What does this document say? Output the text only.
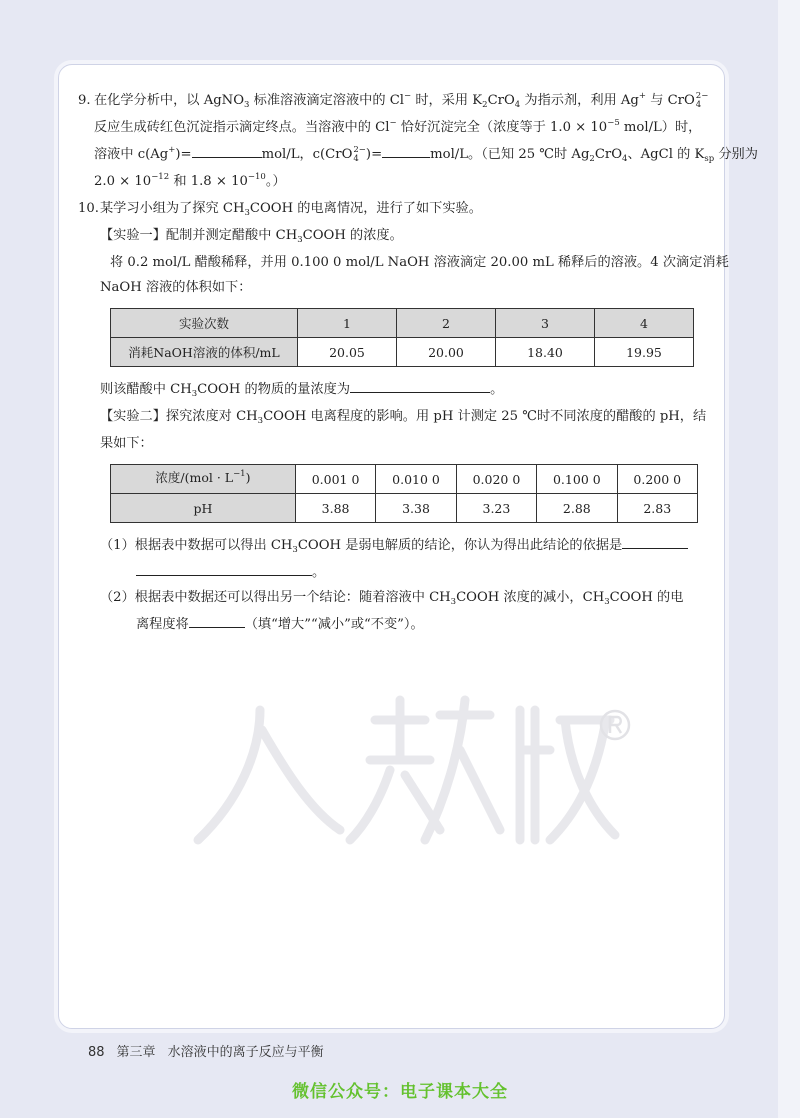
9. 在化学分析中，以 AgNO$_3$ 标准溶液滴定溶液中的 Cl− 时，采用 $K_2CrO_4$ 为指示剂，利用 Ag+ 与 CrO 2−
4
反应生成砖红色沉淀指示滴定终点。当溶液中的 Cl− 恰好沉淀完全（浓度等于 $1.0 \times 10^{-5}$ mol/L）时，
溶液中 c(Ag+)=	mol/L，c(CrO 2−
4 )=	mol/L。（已知 25 ℃时 $Ag_2CrO_4$、AgCl 的 $K_{sp}$ 分别为
$2.0 \times 10^{-12}$ 和 $1.8 \times 10^{-10}$。）
10.某学习小组为了探究 $CH_3COOH$ 的电离情况，进行了如下实验。
【实验一】配制并测定醋酸中 $CH_3COOH$ 的浓度。
将 0.2 mol/L 醋酸稀释，并用 0.100 0 mol/L NaOH 溶液滴定 20.00 mL 稀释后的溶液。4 次滴定消耗
NaOH 溶液的体积如下：
实验次数	1	2	3	4
消耗NaOH溶液的体积/mL	20.05	20.00	18.40	19.95
则该醋酸中 $CH_3COOH$ 的物质的量浓度为	。
【实验二】探究浓度对 $CH_3COOH$ 电离程度的影响。用 pH 计测定 25 ℃时不同浓度的醋酸的 pH，结
果如下：
浓度$/(mol \cdot L^{-1})$	0.001 0	0.010 0	0.020 0	0.100 0	0.200 0
pH	3.88	3.38	3.23	2.88	2.83
（1）根据表中数据可以得出 $CH_3COOH$ 是弱电解质的结论，你认为得出此结论的依据是
。
（2）根据表中数据还可以得出另一个结论：随着溶液中 $CH_3COOH$ 浓度的减小，$CH_3COOH$ 的电
离程度将	（填“增大”“减小”或“不变”）。
88 第三章 水溶液中的离子反应与平衡
微信公众号：电子课本大全
